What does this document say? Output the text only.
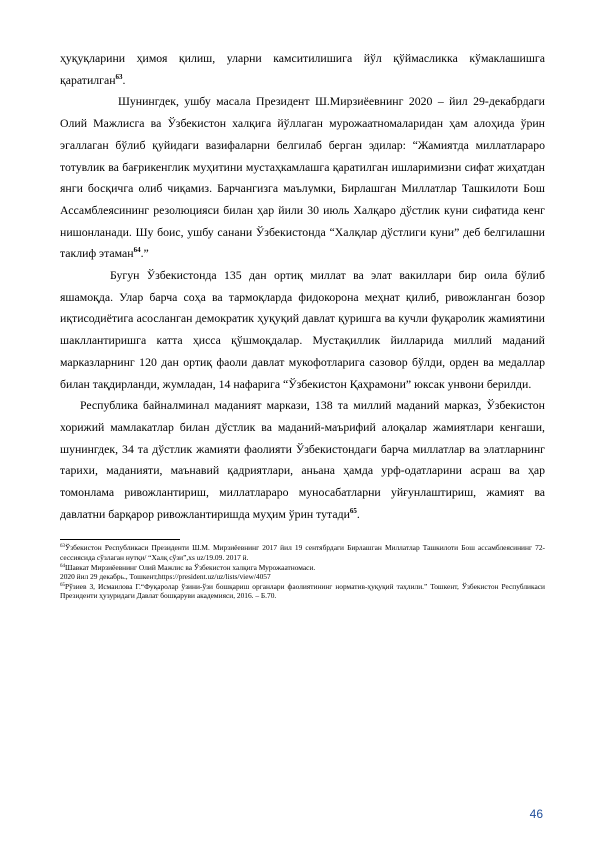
ҳуқуқларини ҳимоя қилиш, уларни камситилишига йўл қўймасликка кўмаклашишга қаратилган$^{63}$.

Шунингдек, ушбу масала Президент Ш.Мирзиёевнинг 2020 – йил 29-декабрдаги Олий Мажлисга ва Ўзбекистон халқига йўллаган мурожаатномаларидан ҳам алоҳида ўрин эгаллаган бўлиб қуйидаги вазифаларни белгилаб берган эдилар: “Жамиятда миллатлараро тотувлик ва бағрикенглик муҳитини мустаҳкамлашга қаратилган ишларимизни сифат жиҳатдан янги босқичга олиб чиқамиз. Барчангизга маълумки, Бирлашган Миллатлар Ташкилоти Бош Ассамблеясининг резолюцияси билан ҳар йили 30 июль Халқаро дўстлик куни сифатида кенг нишонланади. Шу боис, ушбу санани Ўзбекистонда “Халқлар дўстлиги куни” деб белгилашни таклиф этаман$^{64}$.”

Бугун Ўзбекистонда 135 дан ортиқ миллат ва элат вакиллари бир оила бўлиб яшамоқда. Улар барча соҳа ва тармоқларда фидокорона меҳнат қилиб, ривожланган бозор иқтисодиётига асосланган демократик ҳуқуқий давлат қуришга ва кучли фуқаролик жамиятини шакллантиришга катта ҳисса қўшмоқдалар. Мустақиллик йилларида миллий маданий марказларнинг 120 дан ортиқ фаоли давлат мукофотларига сазовор бўлди, орден ва медаллар билан тақдирланди, жумладан, 14 нафарига “Ўзбекистон Қаҳрамони” юксак унвони берилди.

Республика байналминал маданият маркази, 138 та миллий маданий марказ, Ўзбекистон хорижий мамлакатлар билан дўстлик ва маданий-маърифий алоқалар жамиятлари кенгаши, шунингдек, 34 та дўстлик жамияти фаолияти Ўзбекистондаги барча миллатлар ва элатларнинг тарихи, маданияти, маънавий қадриятлари, аньана ҳамда урф-одатларини асраш ва ҳар томонлама ривожлантириш, миллатлараро муносабатларни уйғунлаштириш, жамият ва давлатни барқарор ривожлантиришда муҳим ўрин тутади$^{65}$.

$^{63}$Ўзбекистон Республикаси Президенти Ш.М. Мирзиёевнинг 2017 йил 19 сентябрдаги Бирлашган Миллатлар Ташкилоти Бош ассамблеясининг 72- сессиясида сўзлаган нутқи/ “Халқ сўзи”,xs uz/19.09. 2017 й.

$^{64}$Шавкат Мирзиёевнинг Олий Мажлис ва Ўзбекистон халқига Мурожаатномаси.

2020 йил 29 декабрь., Тошкент,https://president.uz/uz/lists/view/4057

$^{65}$Рўзиев З, Исмаилова Г.“Фуқаролар ўзини-ўзи бошқариш органлари фаолиятининг норматив-ҳуқуқий таҳлили.” Тошкент, Ўзбекистон Республикаси Президенти ҳузуридаги Давлат бошқаруви академияси, 2016. – Б.70.

46
